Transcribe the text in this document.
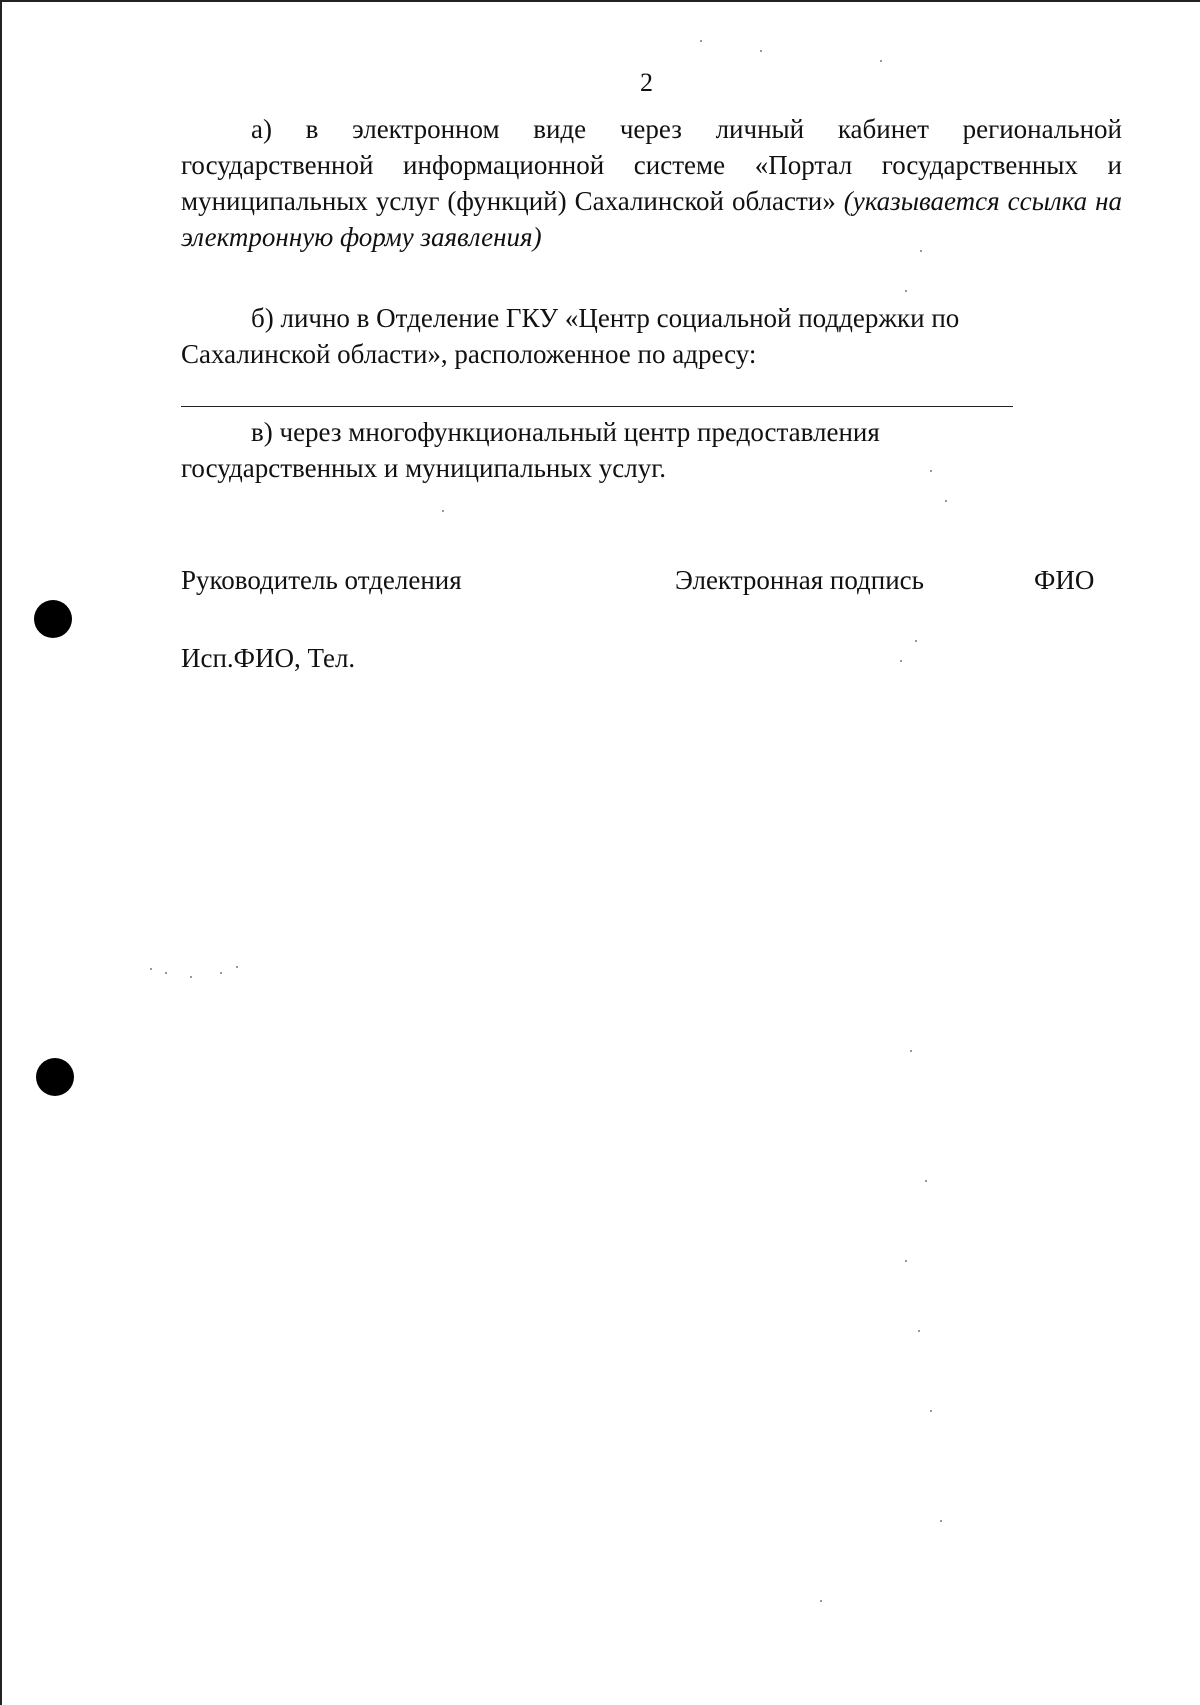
2

а) в электронном виде через личный кабинет региональной государственной информационной системе «Портал государственных и муниципальных услуг (функций) Сахалинской области» (указывается ссылка на электронную форму заявления)

б) лично в Отделение ГКУ «Центр социальной поддержки по Сахалинской области», расположенное по адресу:

в) через многофункциональный центр предоставления государственных и муниципальных услуг.

Руководитель отделения	Электронная подпись	ФИО
Исп.ФИО, Тел.
